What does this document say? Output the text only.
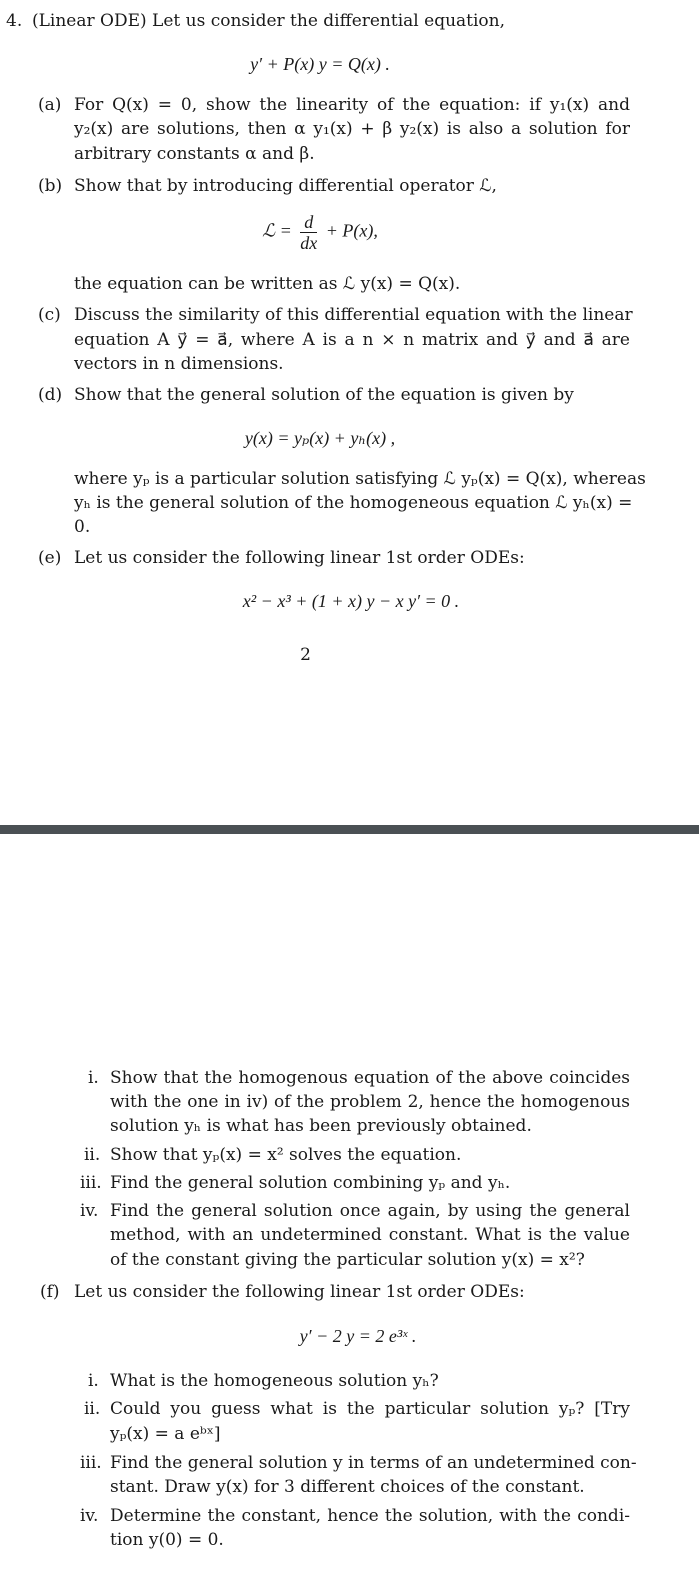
4. (Linear ODE) Let us consider the differential equation,
y′ + P(x) y = Q(x) .
(a) For Q(x) = 0, show the linearity of the equation: if y₁(x) and
y₂(x) are solutions, then α y₁(x) + β y₂(x) is also a solution for
arbitrary constants α and β.
(b) Show that by introducing differential operator ℒ,
ℒ = $\frac{d}{dx} + P(x)$,
the equation can be written as ℒ y(x) = Q(x).
(c) Discuss the similarity of this differential equation with the linear
equation A y⃗ = a⃗, where A is a n × n matrix and y⃗ and a⃗ are
vectors in n dimensions.
(d) Show that the general solution of the equation is given by
y(x) = yₚ(x) + yₕ(x) ,
where yₚ is a particular solution satisfying ℒ yₚ(x) = Q(x), whereas
yₕ is the general solution of the homogeneous equation ℒ yₕ(x) =
0.
(e) Let us consider the following linear 1st order ODEs:
x² − x³ + (1 + x) y − x y′ = 0 .
2
i. Show that the homogenous equation of the above coincides
with the one in iv) of the problem 2, hence the homogenous
solution yₕ is what has been previously obtained.
ii. Show that yₚ(x) = x² solves the equation.
iii. Find the general solution combining yₚ and yₕ.
iv. Find the general solution once again, by using the general
method, with an undetermined constant. What is the value
of the constant giving the particular solution y(x) = x²?
(f) Let us consider the following linear 1st order ODEs:
y′ − 2 y = 2 e³ˣ .
i. What is the homogeneous solution yₕ?
ii. Could you guess what is the particular solution yₚ? [Try
yₚ(x) = a eᵇˣ]
iii. Find the general solution y in terms of an undetermined con-
stant. Draw y(x) for 3 different choices of the constant.
iv. Determine the constant, hence the solution, with the condi-
tion y(0) = 0.
